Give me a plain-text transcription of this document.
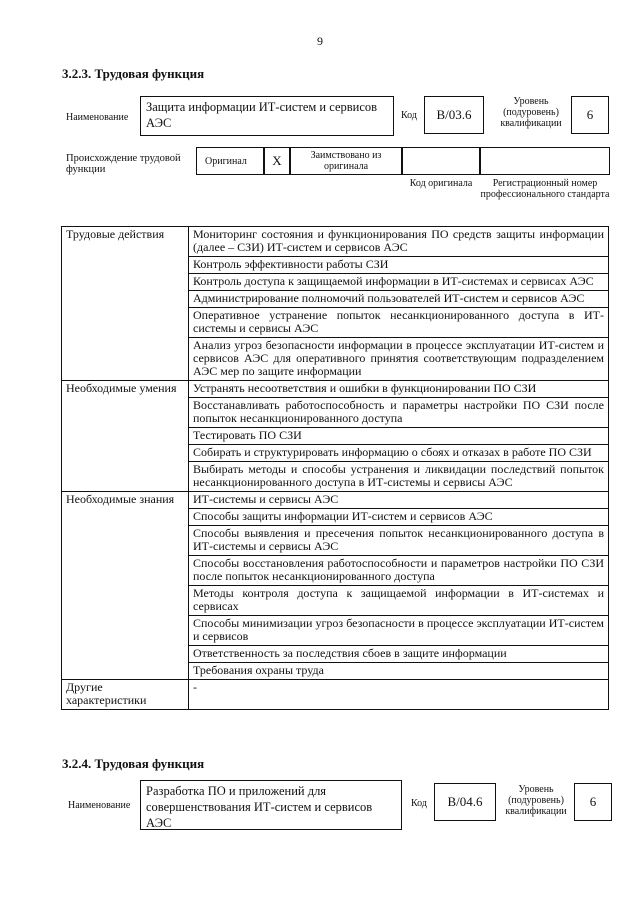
9
3.2.3. Трудовая функция
Наименование
Защита информации ИТ-систем и сервисов АЭС
Код	B/03.6
Уровень (подуровень) квалификации
6
Происхождение трудовой функции
Оригинал	X	Заимствовано из оригинала
Код оригинала	Регистрационный номер профессионального стандарта
Трудовые действия	Мониторинг состояния и функционирования ПО средств защиты информации (далее – СЗИ) ИТ-систем и сервисов АЭС
	Контроль эффективности работы СЗИ
	Контроль доступа к защищаемой информации в ИТ-системах и сервисах АЭС
	Администрирование полномочий пользователей ИТ-систем и сервисов АЭС
	Оперативное устранение попыток несанкционированного доступа в ИТ-системы и сервисы АЭС
	Анализ угроз безопасности информации в процессе эксплуатации ИТ-систем и сервисов АЭС для оперативного принятия соответствующим подразделением АЭС мер по защите информации
Необходимые умения	Устранять несоответствия и ошибки в функционировании ПО СЗИ
	Восстанавливать работоспособность и параметры настройки ПО СЗИ после попыток несанкционированного доступа
	Тестировать ПО СЗИ
	Собирать и структурировать информацию о сбоях и отказах в работе ПО СЗИ
	Выбирать методы и способы устранения и ликвидации последствий попыток несанкционированного доступа в ИТ-системы и сервисы АЭС
Необходимые знания	ИТ-системы и сервисы АЭС
	Способы защиты информации ИТ-систем и сервисов АЭС
	Способы выявления и пресечения попыток несанкционированного доступа в ИТ-системы и сервисы АЭС
	Способы восстановления работоспособности и параметров настройки ПО СЗИ после попыток несанкционированного доступа
	Методы контроля доступа к защищаемой информации в ИТ-системах и сервисах
	Способы минимизации угроз безопасности в процессе эксплуатации ИТ-систем и сервисов
	Ответственность за последствия сбоев в защите информации
	Требования охраны труда
Другие характеристики	-
3.2.4. Трудовая функция
Наименование
Разработка ПО и приложений для совершенствования ИТ-систем и сервисов АЭС
Код	B/04.6
Уровень (подуровень) квалификации
6
